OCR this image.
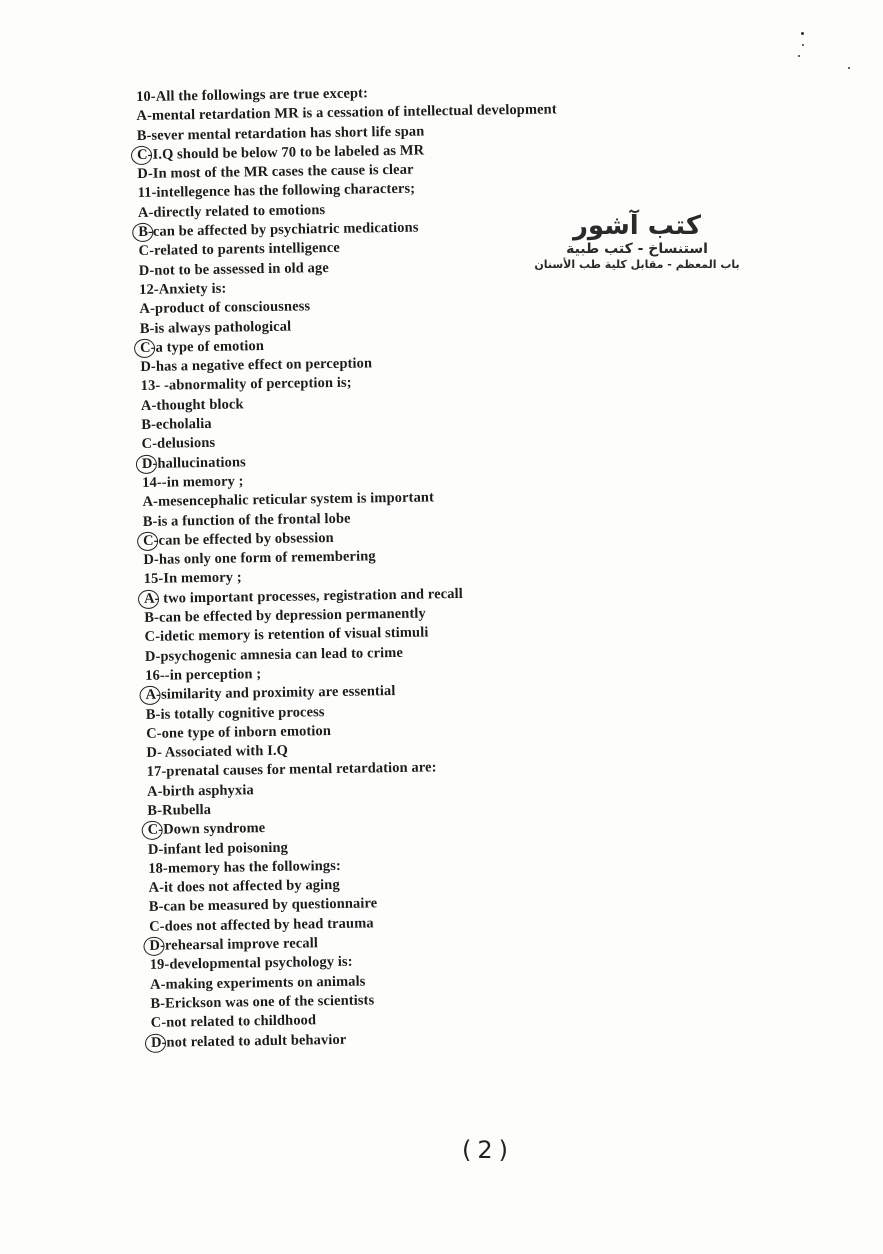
10-All the followings are true except:
A-mental retardation MR is a cessation of intellectual development
B-sever mental retardation has short life span
C-I.Q should be below 70 to be labeled as MR
D-In most of the MR cases the cause is clear
11-intellegence has the following characters;
A-directly related to emotions
B-can be affected by psychiatric medications
C-related to parents intelligence
D-not to be assessed in old age
12-Anxiety is:
A-product of consciousness
B-is always pathological
C-a type of emotion
D-has a negative effect on perception
13- -abnormality of perception is;
A-thought block
B-echolalia
C-delusions
D-hallucinations
14--in memory ;
A-mesencephalic reticular system is important
B-is a function of the frontal lobe
C-can be effected by obsession
D-has only one form of remembering
15-In memory ;
A- two important processes, registration and recall
B-can be effected by depression permanently
C-idetic memory is retention of visual stimuli
D-psychogenic amnesia can lead to crime
16--in perception ;
A-similarity and proximity are essential
B-is totally cognitive process
C-one type of inborn emotion
D- Associated with I.Q
17-prenatal causes for mental retardation are:
A-birth asphyxia
B-Rubella
C-Down syndrome
D-infant led poisoning
18-memory has the followings:
A-it does not affected by aging
B-can be measured by questionnaire
C-does not affected by head trauma
D-rehearsal improve recall
19-developmental psychology is:
A-making experiments on animals
B-Erickson was one of the scientists
C-not related to childhood
D-not related to adult behavior
كتب آشور
استنساخ - كتب طبية
باب المعظم - مقابل كلية طب الأسنان
(2)
